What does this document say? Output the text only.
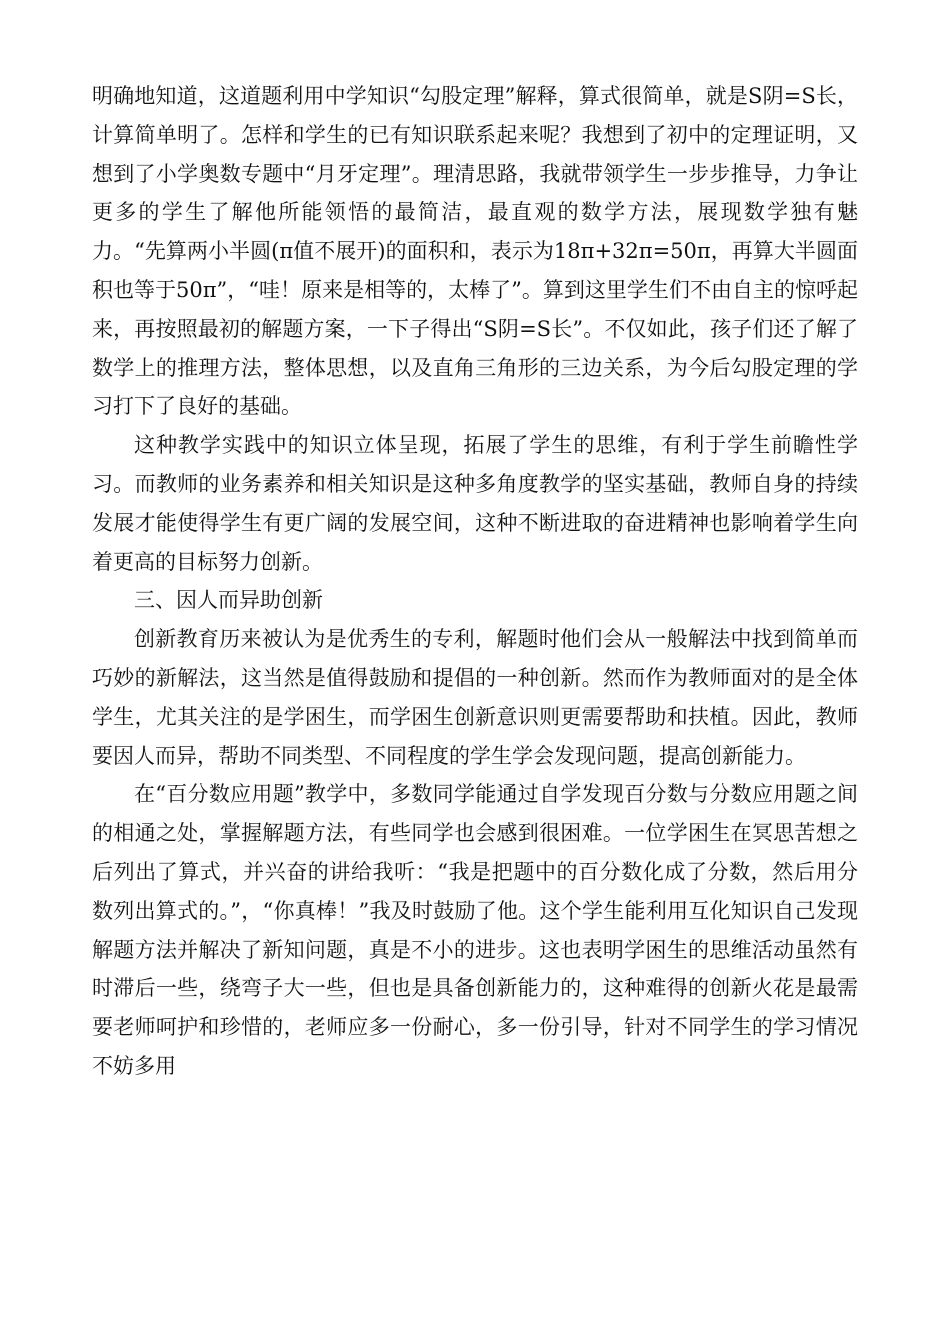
明确地知道，这道题利用中学知识“勾股定理”解释，算式很简单，就是S阴=S长，计算简单明了。怎样和学生的已有知识联系起来呢？我想到了初中的定理证明，又想到了小学奥数专题中“月牙定理”。理清思路，我就带领学生一步步推导，力争让更多的学生了解他所能领悟的最简洁，最直观的数学方法，展现数学独有魅力。“先算两小半圆(π值不展开)的面积和，表示为18π+32π=50π，再算大半圆面积也等于50π”，“哇！原来是相等的，太棒了”。算到这里学生们不由自主的惊呼起来，再按照最初的解题方案，一下子得出“S阴=S长”。不仅如此，孩子们还了解了数学上的推理方法，整体思想，以及直角三角形的三边关系，为今后勾股定理的学习打下了良好的基础。

这种教学实践中的知识立体呈现，拓展了学生的思维，有利于学生前瞻性学习。而教师的业务素养和相关知识是这种多角度教学的坚实基础，教师自身的持续发展才能使得学生有更广阔的发展空间，这种不断进取的奋进精神也影响着学生向着更高的目标努力创新。

三、因人而异助创新

创新教育历来被认为是优秀生的专利，解题时他们会从一般解法中找到简单而巧妙的新解法，这当然是值得鼓励和提倡的一种创新。然而作为教师面对的是全体学生，尤其关注的是学困生，而学困生创新意识则更需要帮助和扶植。因此，教师要因人而异，帮助不同类型、不同程度的学生学会发现问题，提高创新能力。

在“百分数应用题”教学中，多数同学能通过自学发现百分数与分数应用题之间的相通之处，掌握解题方法，有些同学也会感到很困难。一位学困生在冥思苦想之后列出了算式，并兴奋的讲给我听：“我是把题中的百分数化成了分数，然后用分数列出算式的。”，“你真棒！”我及时鼓励了他。这个学生能利用互化知识自己发现解题方法并解决了新知问题，真是不小的进步。这也表明学困生的思维活动虽然有时滞后一些，绕弯子大一些，但也是具备创新能力的，这种难得的创新火花是最需要老师呵护和珍惜的，老师应多一份耐心，多一份引导，针对不同学生的学习情况不妨多用
